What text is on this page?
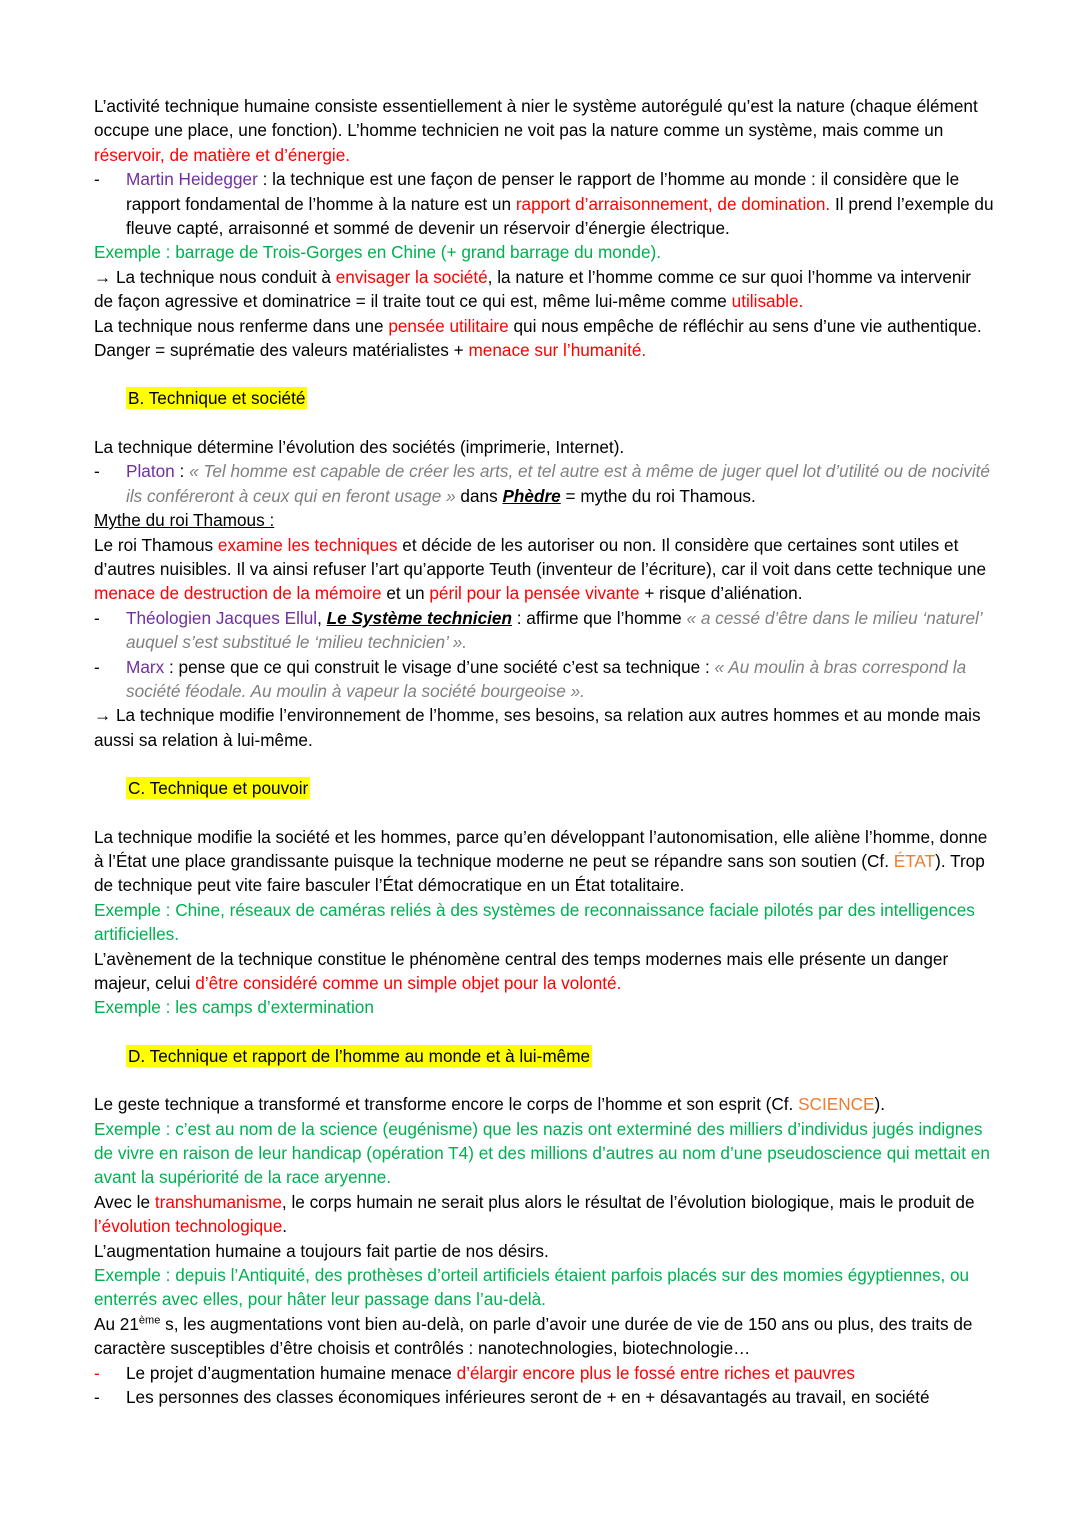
L’activité technique humaine consiste essentiellement à nier le système autorégulé qu’est la nature (chaque élément occupe une place, une fonction). L’homme technicien ne voit pas la nature comme un système, mais comme un réservoir, de matière et d’énergie.

- Martin Heidegger : la technique est une façon de penser le rapport de l’homme au monde : il considère que le rapport fondamental de l’homme à la nature est un rapport d’arraisonnement, de domination. Il prend l’exemple du fleuve capté, arraisonné et sommé de devenir un réservoir d’énergie électrique.

Exemple : barrage de Trois-Gorges en Chine (+ grand barrage du monde).

→ La technique nous conduit à envisager la société, la nature et l’homme comme ce sur quoi l’homme va intervenir de façon agressive et dominatrice = il traite tout ce qui est, même lui-même comme utilisable.

La technique nous renferme dans une pensée utilitaire qui nous empêche de réfléchir au sens d’une vie authentique. Danger = suprématie des valeurs matérialistes + menace sur l’humanité.

B. Technique et société

La technique détermine l’évolution des sociétés (imprimerie, Internet).

- Platon : « Tel homme est capable de créer les arts, et tel autre est à même de juger quel lot d’utilité ou de nocivité ils conféreront à ceux qui en feront usage » dans Phèdre = mythe du roi Thamous.

Mythe du roi Thamous :

Le roi Thamous examine les techniques et décide de les autoriser ou non. Il considère que certaines sont utiles et d’autres nuisibles. Il va ainsi refuser l’art qu’apporte Teuth (inventeur de l’écriture), car il voit dans cette technique une menace de destruction de la mémoire et un péril pour la pensée vivante + risque d’aliénation.

- Théologien Jacques Ellul, Le Système technicien : affirme que l’homme « a cessé d’être dans le milieu ‘naturel’ auquel s’est substitué le ‘milieu technicien’ ».

- Marx : pense que ce qui construit le visage d’une société c’est sa technique : « Au moulin à bras correspond la société féodale. Au moulin à vapeur la société bourgeoise ».

→ La technique modifie l’environnement de l’homme, ses besoins, sa relation aux autres hommes et au monde mais aussi sa relation à lui-même.

C. Technique et pouvoir

La technique modifie la société et les hommes, parce qu’en développant l’autonomisation, elle aliène l’homme, donne à l’État une place grandissante puisque la technique moderne ne peut se répandre sans son soutien (Cf. ÉTAT). Trop de technique peut vite faire basculer l’État démocratique en un État totalitaire.

Exemple : Chine, réseaux de caméras reliés à des systèmes de reconnaissance faciale pilotés par des intelligences artificielles.

L’avènement de la technique constitue le phénomène central des temps modernes mais elle présente un danger majeur, celui d’être considéré comme un simple objet pour la volonté.

Exemple : les camps d’extermination

D. Technique et rapport de l’homme au monde et à lui-même

Le geste technique a transformé et transforme encore le corps de l’homme et son esprit (Cf. SCIENCE).

Exemple : c’est au nom de la science (eugénisme) que les nazis ont exterminé des milliers d’individus jugés indignes de vivre en raison de leur handicap (opération T4) et des millions d’autres au nom d’une pseudoscience qui mettait en avant la supériorité de la race aryenne.

Avec le transhumanisme, le corps humain ne serait plus alors le résultat de l’évolution biologique, mais le produit de l’évolution technologique.

L’augmentation humaine a toujours fait partie de nos désirs.

Exemple : depuis l’Antiquité, des prothèses d’orteil artificiels étaient parfois placés sur des momies égyptiennes, ou enterrés avec elles, pour hâter leur passage dans l’au-delà.

Au 21ème s, les augmentations vont bien au-delà, on parle d’avoir une durée de vie de 150 ans ou plus, des traits de caractère susceptibles d’être choisis et contrôlés : nanotechnologies, biotechnologie…

- Le projet d’augmentation humaine menace d’élargir encore plus le fossé entre riches et pauvres

- Les personnes des classes économiques inférieures seront de + en + désavantagés au travail, en société
